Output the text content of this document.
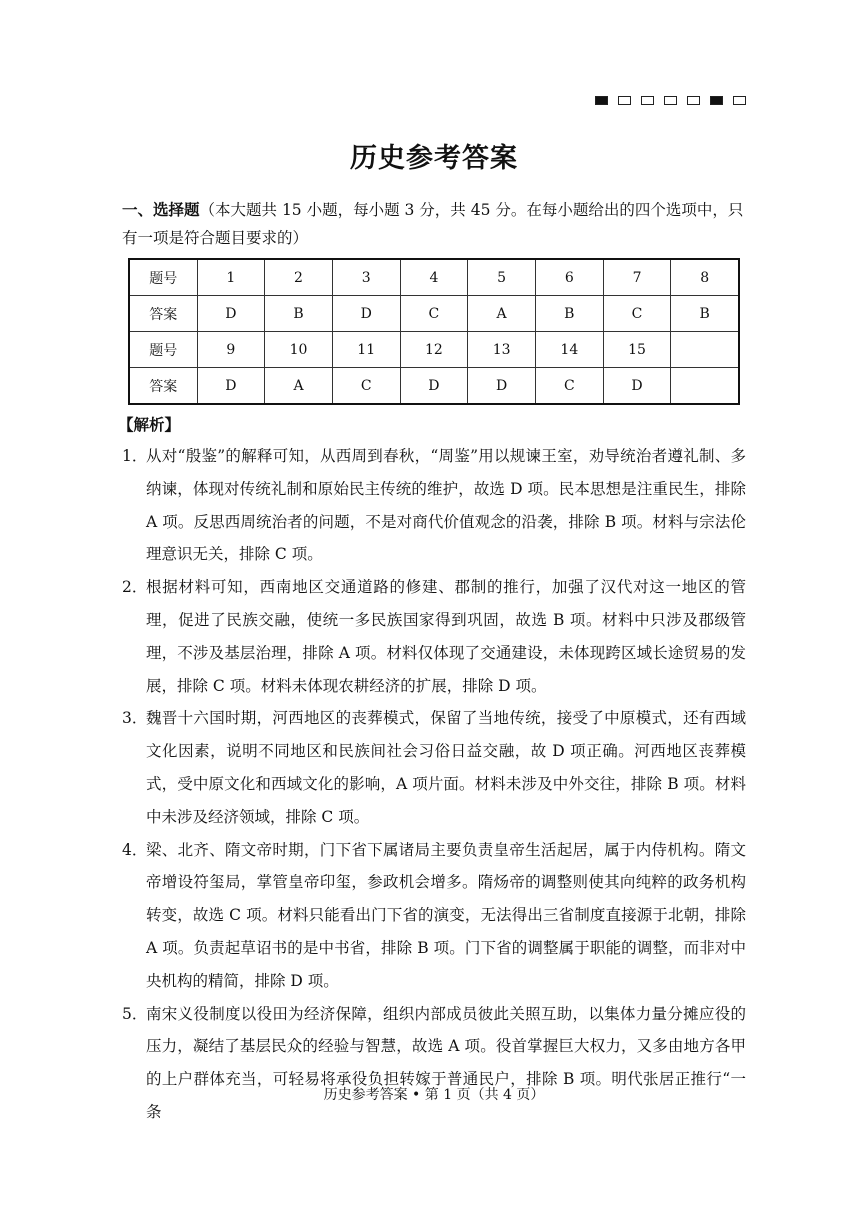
历史参考答案
一、选择题（本大题共 15 小题，每小题 3 分，共 45 分。在每小题给出的四个选项中，只有一项是符合题目要求的）
题号	1	2	3	4	5	6	7	8
答案	D	B	D	C	A	B	C	B
题号	9	10	11	12	13	14	15	
答案	D	A	C	D	D	C	D	
【解析】
1．
从对“殷鉴”的解释可知，从西周到春秋，“周鉴”用以规谏王室，劝导统治者遵礼制、多纳谏，体现对传统礼制和原始民主传统的维护，故选 D 项。民本思想是注重民生，排除 A 项。反思西周统治者的问题，不是对商代价值观念的沿袭，排除 B 项。材料与宗法伦理意识无关，排除 C 项。
2．
根据材料可知，西南地区交通道路的修建、郡制的推行，加强了汉代对这一地区的管理，促进了民族交融，使统一多民族国家得到巩固，故选 B 项。材料中只涉及郡级管理，不涉及基层治理，排除 A 项。材料仅体现了交通建设，未体现跨区域长途贸易的发展，排除 C 项。材料未体现农耕经济的扩展，排除 D 项。
3．
魏晋十六国时期，河西地区的丧葬模式，保留了当地传统，接受了中原模式，还有西域文化因素，说明不同地区和民族间社会习俗日益交融，故 D 项正确。河西地区丧葬模式，受中原文化和西域文化的影响，A 项片面。材料未涉及中外交往，排除 B 项。材料中未涉及经济领域，排除 C 项。
4．
梁、北齐、隋文帝时期，门下省下属诸局主要负责皇帝生活起居，属于内侍机构。隋文帝增设符玺局，掌管皇帝印玺，参政机会增多。隋炀帝的调整则使其向纯粹的政务机构转变，故选 C 项。材料只能看出门下省的演变，无法得出三省制度直接源于北朝，排除 A 项。负责起草诏书的是中书省，排除 B 项。门下省的调整属于职能的调整，而非对中央机构的精简，排除 D 项。
5．
南宋义役制度以役田为经济保障，组织内部成员彼此关照互助，以集体力量分摊应役的压力，凝结了基层民众的经验与智慧，故选 A 项。役首掌握巨大权力，又多由地方各甲的上户群体充当，可轻易将承役负担转嫁于普通民户，排除 B 项。明代张居正推行“一条
历史参考答案 • 第 1 页（共 4 页）
